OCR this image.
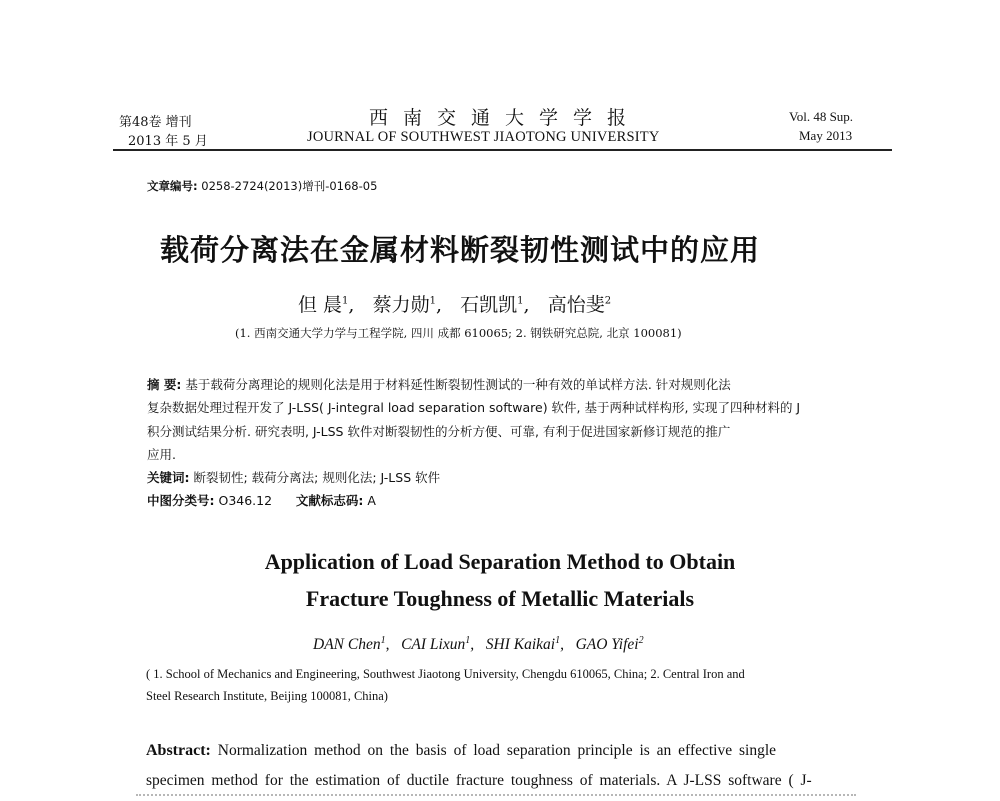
第48卷 增刊
2013 年 5 月
西南交通大学学报
JOURNAL OF SOUTHWEST JIAOTONG UNIVERSITY
Vol. 48 Sup.
May 2013
文章编号: 0258-2724(2013)增刊-0168-05
载荷分离法在金属材料断裂韧性测试中的应用
但 晨$^1$,   蔡力勋$^1$,   石凯凯$^1$,   高怡斐$^2$
(1. 西南交通大学力学与工程学院, 四川 成都 610065; 2. 钢铁研究总院, 北京 100081)
摘 要: 基于载荷分离理论的规则化法是用于材料延性断裂韧性测试的一种有效的单试样方法. 针对规则化法
复杂数据处理过程开发了 J-LSS( J-integral load separation software) 软件, 基于两种试样构形, 实现了四种材料的 J
积分测试结果分析. 研究表明, J-LSS 软件对断裂韧性的分析方便、可靠, 有利于促进国家新修订规范的推广
应用.
关键词: 断裂韧性; 载荷分离法; 规则化法; J-LSS 软件
中图分类号: O346.12 文献标志码: A
Application of Load Separation Method to Obtain
Fracture Toughness of Metallic Materials
DAN Chen$^1$,   CAI Lixun$^1$,   SHI Kaikai$^1$,   GAO Yifei$^2$
( 1. School of Mechanics and Engineering, Southwest Jiaotong University, Chengdu 610065, China; 2. Central Iron and
Steel Research Institute, Beijing 100081, China)
Abstract: Normalization method on the basis of load separation principle is an effective single
specimen method for the estimation of ductile fracture toughness of materials. A J-LSS software ( J-
